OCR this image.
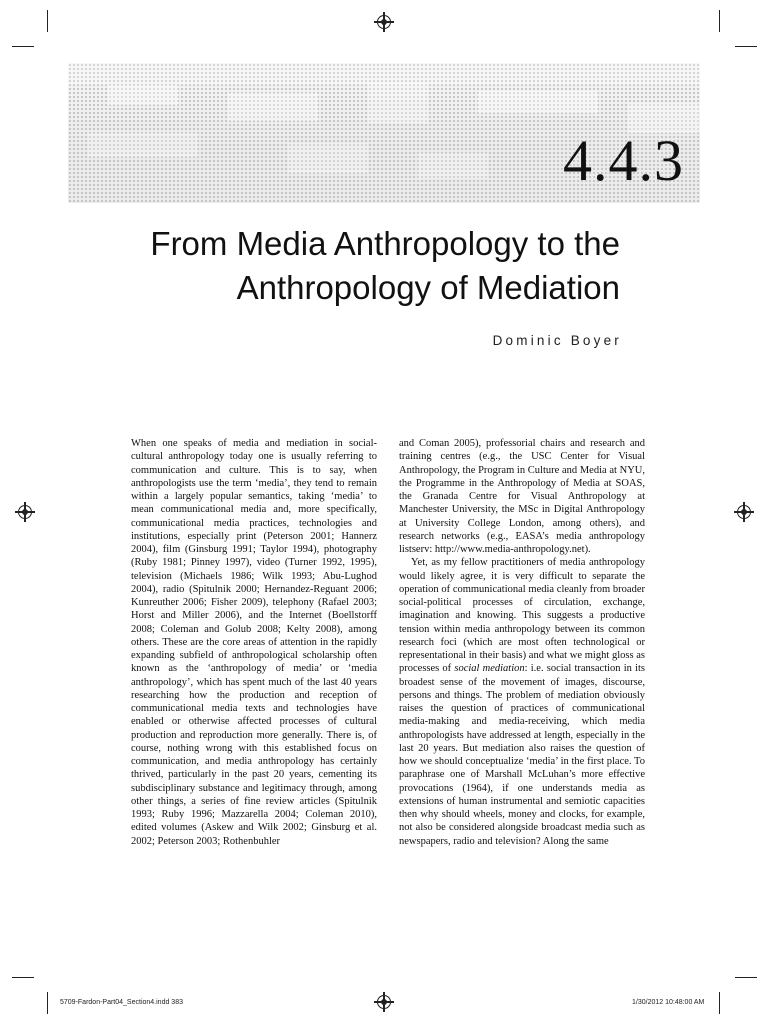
4.4.3
From Media Anthropology to the
Anthropology of Mediation
Dominic Boyer

When one speaks of media and mediation in social-cultural anthropology today one is usually referring to communication and culture. This is to say, when anthropologists use the term ‘media’, they tend to remain within a largely popular semantics, taking ‘media’ to mean communicational media and, more specifically, communicational media practices, technologies and institutions, especially print (Peterson 2001; Hannerz 2004), film (Ginsburg 1991; Taylor 1994), photography (Ruby 1981; Pinney 1997), video (Turner 1992, 1995), television (Michaels 1986; Wilk 1993; Abu-Lughod 2004), radio (Spitulnik 2000; Hernandez-Reguant 2006; Kunreuther 2006; Fisher 2009), telephony (Rafael 2003; Horst and Miller 2006), and the Internet (Boellstorff 2008; Coleman and Golub 2008; Kelty 2008), among others. These are the core areas of attention in the rapidly expanding subfield of anthropological scholarship often known as the ‘anthropology of media’ or ‘media anthropology’, which has spent much of the last 40 years researching how the production and reception of communicational media texts and technologies have enabled or otherwise affected processes of cultural production and reproduction more generally. There is, of course, nothing wrong with this established focus on communication, and media anthropology has certainly thrived, particularly in the past 20 years, cementing its subdisciplinary substance and legitimacy through, among other things, a series of fine review articles (Spitulnik 1993; Ruby 1996; Mazzarella 2004; Coleman 2010), edited volumes (Askew and Wilk 2002; Ginsburg et al. 2002; Peterson 2003; Rothenbuhler

and Coman 2005), professorial chairs and research and training centres (e.g., the USC Center for Visual Anthropology, the Program in Culture and Media at NYU, the Programme in the Anthropology of Media at SOAS, the Granada Centre for Visual Anthropology at Manchester University, the MSc in Digital Anthropology at University College London, among others), and research networks (e.g., EASA’s media anthropology listserv: http://www.media-anthropology.net).

Yet, as my fellow practitioners of media anthropology would likely agree, it is very difficult to separate the operation of communicational media cleanly from broader social-political processes of circulation, exchange, imagination and knowing. This suggests a productive tension within media anthropology between its common research foci (which are most often technological or representational in their basis) and what we might gloss as processes of social mediation: i.e. social transaction in its broadest sense of the movement of images, discourse, persons and things. The problem of mediation obviously raises the question of practices of communicational media-making and media-receiving, which media anthropologists have addressed at length, especially in the last 20 years. But mediation also raises the question of how we should conceptualize ‘media’ in the first place. To paraphrase one of Marshall McLuhan’s more effective provocations (1964), if one understands media as extensions of human instrumental and semiotic capacities then why should wheels, money and clocks, for example, not also be considered alongside broadcast media such as newspapers, radio and television? Along the same

5709-Fardon-Part04_Section4.indd 383	1/30/2012 10:48:00 AM
